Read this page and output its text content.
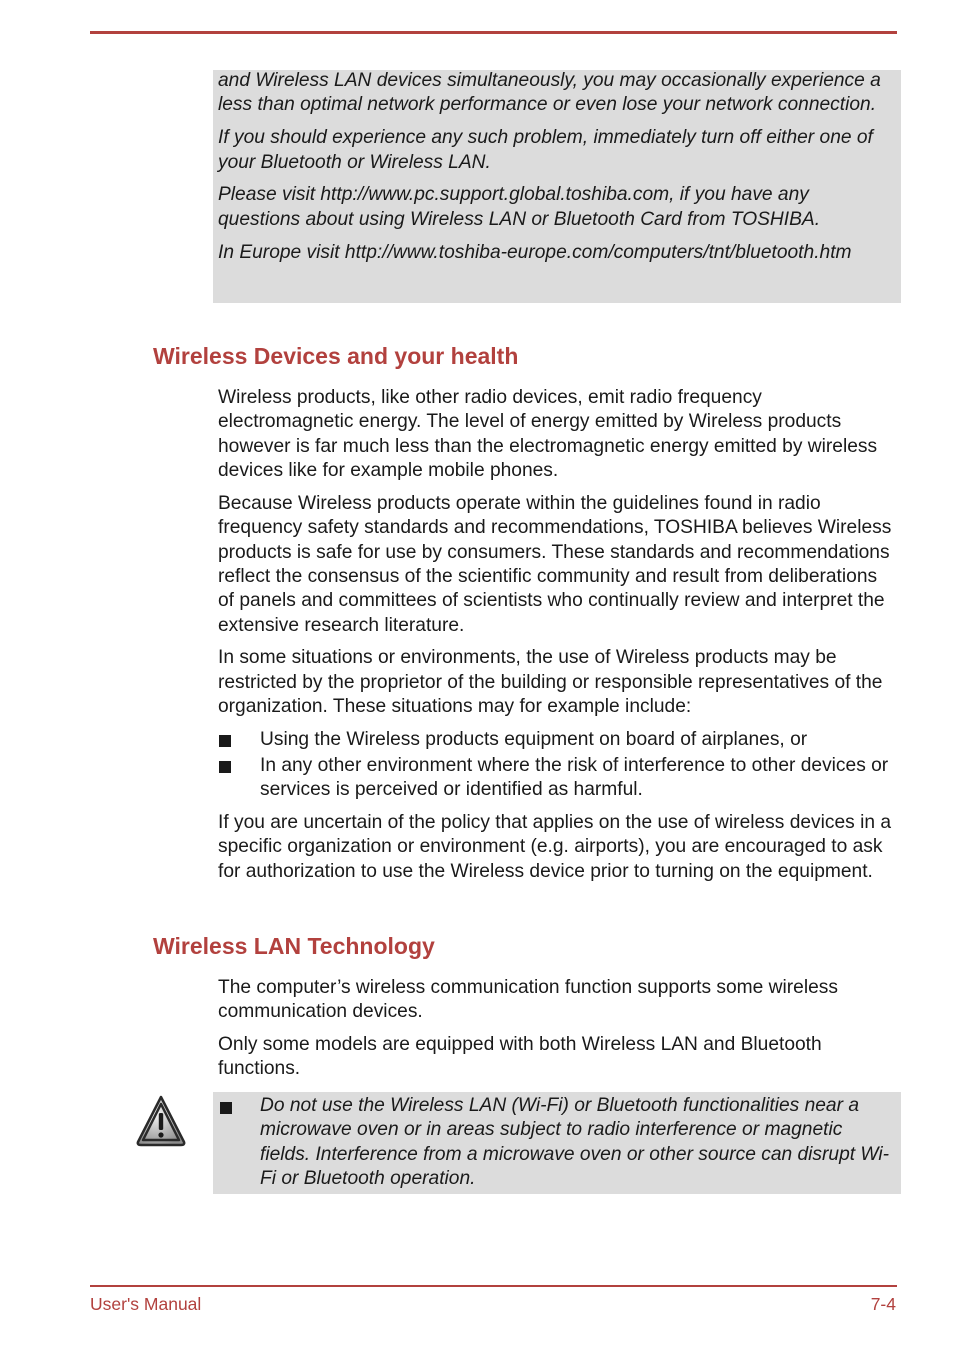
and Wireless LAN devices simultaneously, you may occasionally experience a less than optimal network performance or even lose your network connection.

If you should experience any such problem, immediately turn off either one of your Bluetooth or Wireless LAN.

Please visit http://www.pc.support.global.toshiba.com, if you have any questions about using Wireless LAN or Bluetooth Card from TOSHIBA.

In Europe visit http://www.toshiba-europe.com/computers/tnt/bluetooth.htm

Wireless Devices and your health

Wireless products, like other radio devices, emit radio frequency electromagnetic energy. The level of energy emitted by Wireless products however is far much less than the electromagnetic energy emitted by wireless devices like for example mobile phones.

Because Wireless products operate within the guidelines found in radio frequency safety standards and recommendations, TOSHIBA believes Wireless products is safe for use by consumers. These standards and recommendations reflect the consensus of the scientific community and result from deliberations of panels and committees of scientists who continually review and interpret the extensive research literature.

In some situations or environments, the use of Wireless products may be restricted by the proprietor of the building or responsible representatives of the organization. These situations may for example include:

Using the Wireless products equipment on board of airplanes, or
In any other environment where the risk of interference to other devices or services is perceived or identified as harmful.

If you are uncertain of the policy that applies on the use of wireless devices in a specific organization or environment (e.g. airports), you are encouraged to ask for authorization to use the Wireless device prior to turning on the equipment.

Wireless LAN Technology

The computer’s wireless communication function supports some wireless communication devices.

Only some models are equipped with both Wireless LAN and Bluetooth functions.

Do not use the Wireless LAN (Wi-Fi) or Bluetooth functionalities near a microwave oven or in areas subject to radio interference or magnetic fields. Interference from a microwave oven or other source can disrupt Wi-Fi or Bluetooth operation.
User's Manual	7-4
